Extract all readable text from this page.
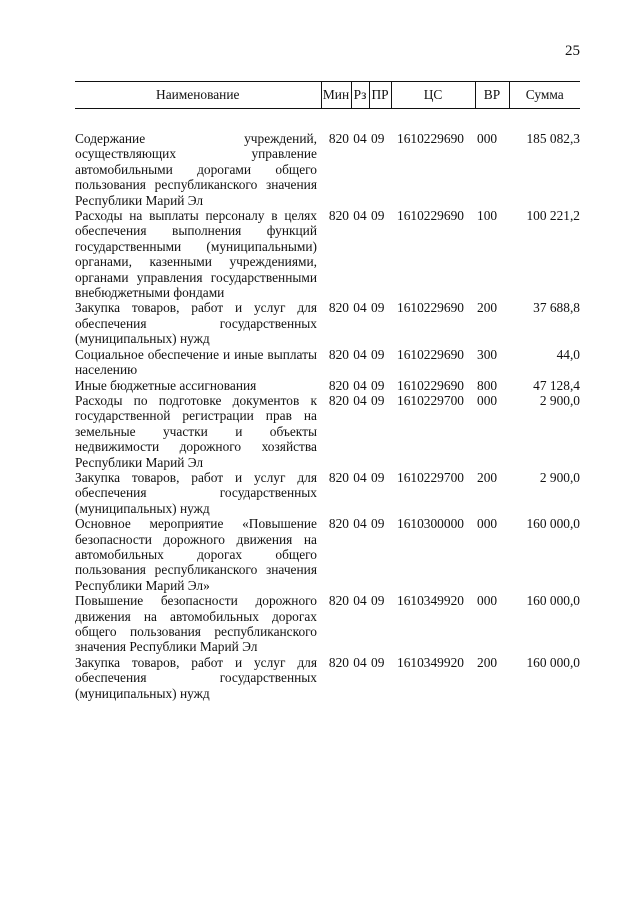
25
Наименование	Мин	Рз	ПР	ЦС	ВР	Сумма

Содержание учреждений, осуществляющих управление автомобильными дорогами общего пользования республиканского значения Республики Марий Эл	820	04	09	1610229690	000	185 082,3
Расходы на выплаты персоналу в целях обеспечения выполнения функций государственными (муниципальными) органами, казенными учреждениями, органами управления государственными внебюджетными фондами	820	04	09	1610229690	100	100 221,2
Закупка товаров, работ и услуг для обеспечения государственных (муниципальных) нужд	820	04	09	1610229690	200	37 688,8
Социальное обеспечение и иные выплаты населению	820	04	09	1610229690	300	44,0
Иные бюджетные ассигнования	820	04	09	1610229690	800	47 128,4
Расходы по подготовке документов к государственной регистрации прав на земельные участки и объекты недвижимости дорожного хозяйства Республики Марий Эл	820	04	09	1610229700	000	2 900,0
Закупка товаров, работ и услуг для обеспечения государственных (муниципальных) нужд	820	04	09	1610229700	200	2 900,0
Основное мероприятие «Повышение безопасности дорожного движения на автомобильных дорогах общего пользования республиканского значения Республики Марий Эл»	820	04	09	1610300000	000	160 000,0
Повышение безопасности дорожного движения на автомобильных дорогах общего пользования республиканского значения Республики Марий Эл	820	04	09	1610349920	000	160 000,0
Закупка товаров, работ и услуг для обеспечения государственных (муниципальных) нужд	820	04	09	1610349920	200	160 000,0
